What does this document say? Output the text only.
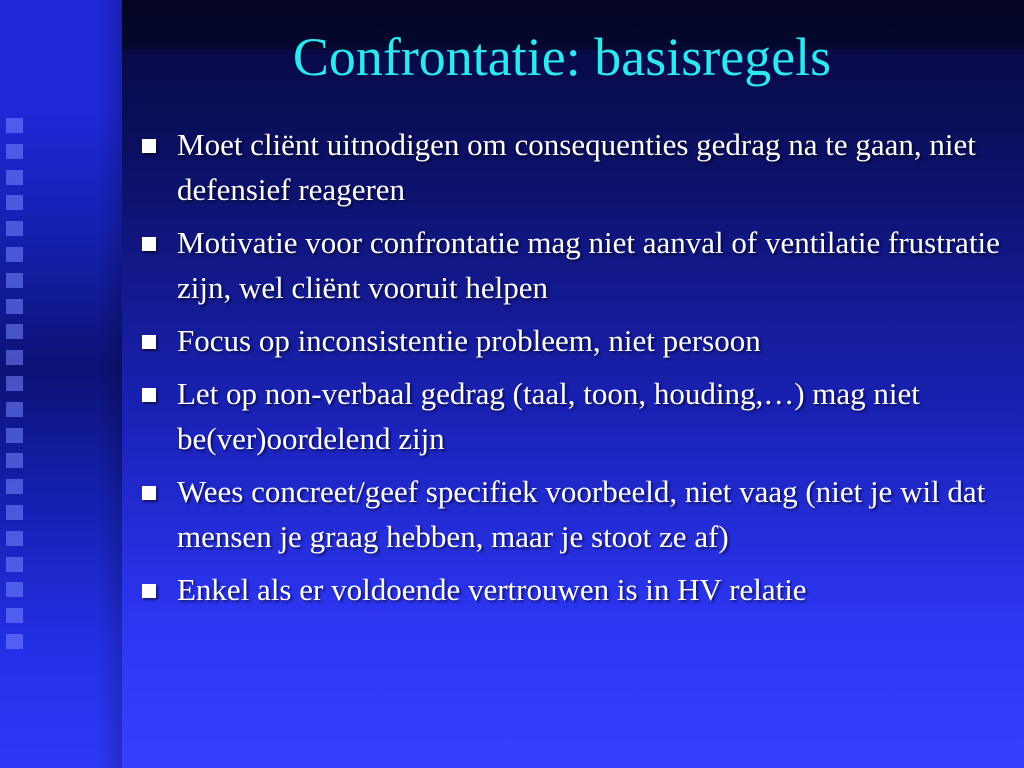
Confrontatie: basisregels
Moet cliënt uitnodigen om consequenties gedrag na te gaan, niet defensief reageren
Motivatie voor confrontatie mag niet aanval of ventilatie frustratie zijn, wel cliënt vooruit helpen
Focus op inconsistentie probleem, niet persoon
Let op non-verbaal gedrag (taal, toon, houding,…) mag niet be(ver)oordelend zijn
Wees concreet/geef specifiek voorbeeld, niet vaag (niet je wil dat mensen je graag hebben, maar je stoot ze af)
Enkel als er voldoende vertrouwen is in HV relatie
